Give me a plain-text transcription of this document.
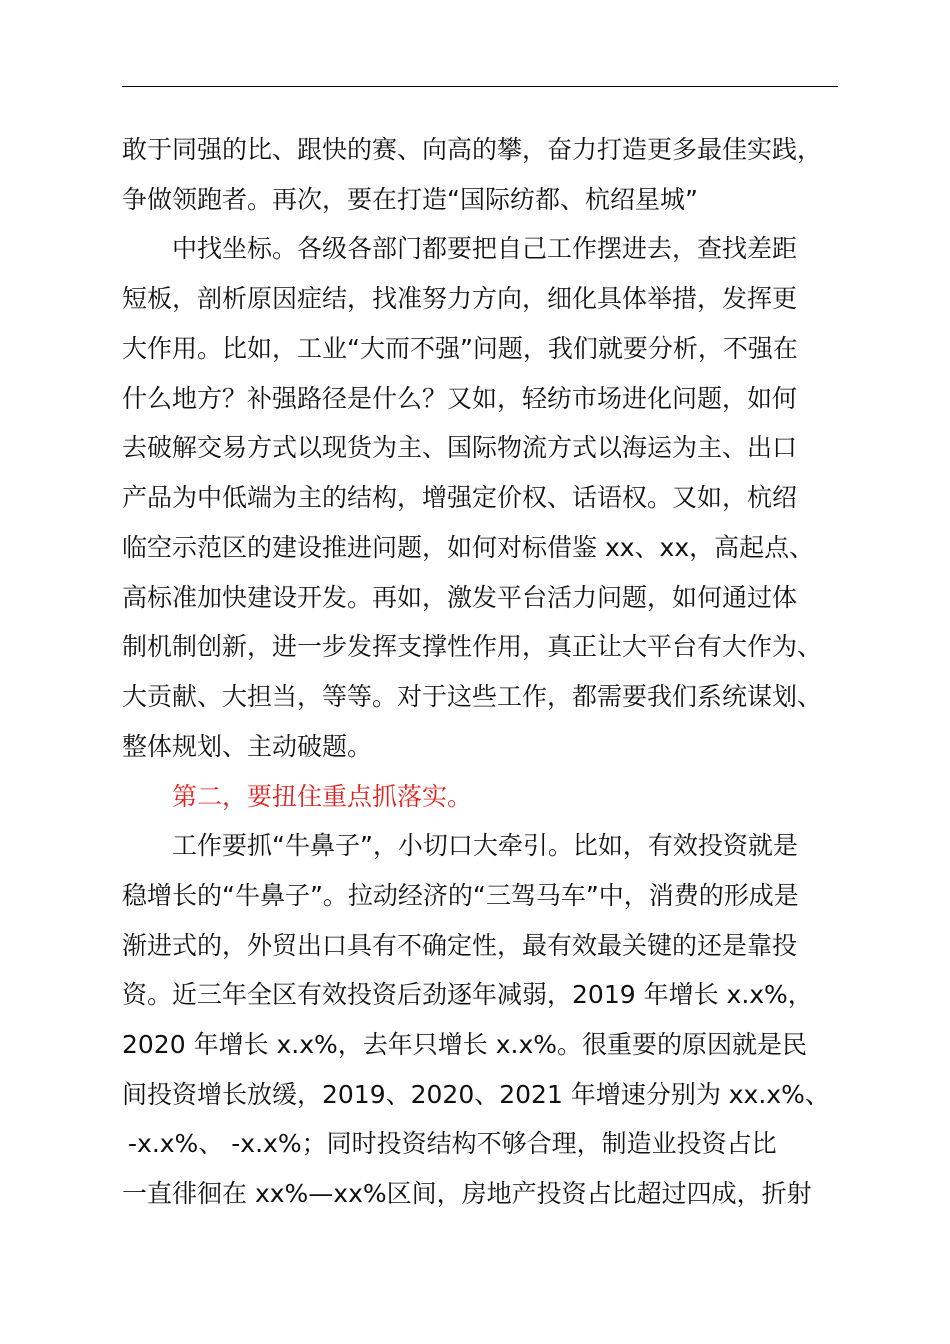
敢于同强的比、跟快的赛、向高的攀，奋力打造更多最佳实践，
争做领跑者。再次，要在打造“国际纺都、杭绍星城”
中找坐标。各级各部门都要把自己工作摆进去，查找差距
短板，剖析原因症结，找准努力方向，细化具体举措，发挥更
大作用。比如，工业“大而不强”问题，我们就要分析，不强在
什么地方？补强路径是什么？又如，轻纺市场进化问题，如何
去破解交易方式以现货为主、国际物流方式以海运为主、出口
产品为中低端为主的结构，增强定价权、话语权。又如，杭绍
临空示范区的建设推进问题，如何对标借鉴 xx、xx，高起点、
高标准加快建设开发。再如，激发平台活力问题，如何通过体
制机制创新，进一步发挥支撑性作用，真正让大平台有大作为、
大贡献、大担当，等等。对于这些工作，都需要我们系统谋划、
整体规划、主动破题。
第二，要扭住重点抓落实。
工作要抓“牛鼻子”，小切口大牵引。比如，有效投资就是
稳增长的“牛鼻子”。拉动经济的“三驾马车”中，消费的形成是
渐进式的，外贸出口具有不确定性，最有效最关键的还是靠投
资。近三年全区有效投资后劲逐年减弱，2019 年增长 x.x%，
2020 年增长 x.x%，去年只增长 x.x%。很重要的原因就是民
间投资增长放缓，2019、2020、2021 年增速分别为 xx.x%、
-x.x%、 -x.x%；同时投资结构不够合理，制造业投资占比
一直徘徊在 xx%—xx%区间，房地产投资占比超过四成，折射
